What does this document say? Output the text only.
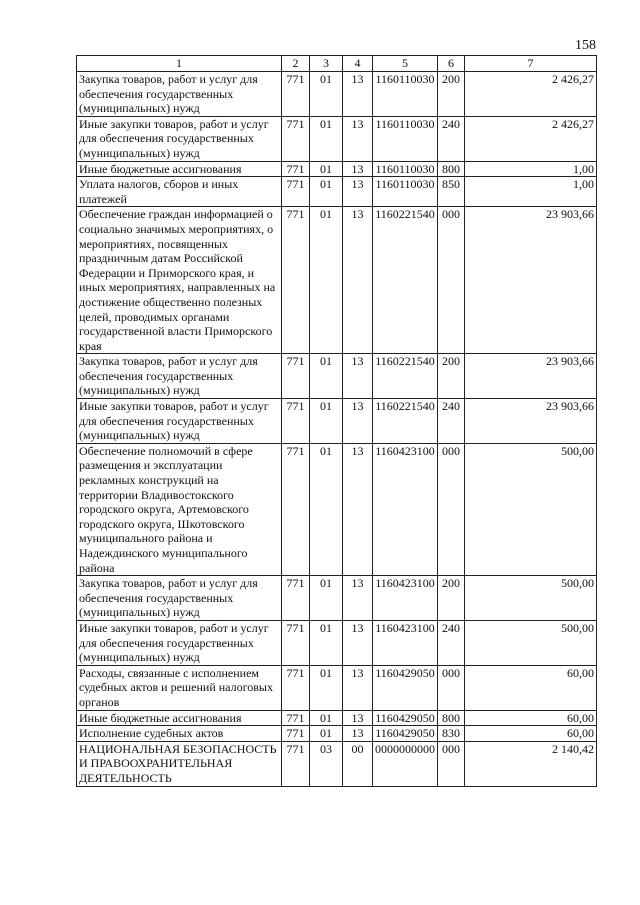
158
1	2	3	4	5	6	7
Закупка товаров, работ и услуг для обеспечения государственных (муниципальных) нужд	771	01	13	1160110030	200	2 426,27
Иные закупки товаров, работ и услуг для обеспечения государственных (муниципальных) нужд	771	01	13	1160110030	240	2 426,27
Иные бюджетные ассигнования	771	01	13	1160110030	800	1,00
Уплата налогов, сборов и иных платежей	771	01	13	1160110030	850	1,00
Обеспечение граждан информацией о социально значимых мероприятиях, о мероприятиях, посвященных праздничным датам Российской Федерации и Приморского края, и иных мероприятиях, направленных на достижение общественно полезных целей, проводимых органами государственной власти Приморского края	771	01	13	1160221540	000	23 903,66
Закупка товаров, работ и услуг для обеспечения государственных (муниципальных) нужд	771	01	13	1160221540	200	23 903,66
Иные закупки товаров, работ и услуг для обеспечения государственных (муниципальных) нужд	771	01	13	1160221540	240	23 903,66
Обеспечение полномочий в сфере размещения и эксплуатации рекламных конструкций на территории Владивостокского городского округа, Артемовского городского округа, Шкотовского муниципального района и Надеждинского муниципального района	771	01	13	1160423100	000	500,00
Закупка товаров, работ и услуг для обеспечения государственных (муниципальных) нужд	771	01	13	1160423100	200	500,00
Иные закупки товаров, работ и услуг для обеспечения государственных (муниципальных) нужд	771	01	13	1160423100	240	500,00
Расходы, связанные с исполнением судебных актов и решений налоговых органов	771	01	13	1160429050	000	60,00
Иные бюджетные ассигнования	771	01	13	1160429050	800	60,00
Исполнение судебных актов	771	01	13	1160429050	830	60,00
НАЦИОНАЛЬНАЯ БЕЗОПАСНОСТЬ И ПРАВООХРАНИТЕЛЬНАЯ ДЕЯТЕЛЬНОСТЬ	771	03	00	0000000000	000	2 140,42
